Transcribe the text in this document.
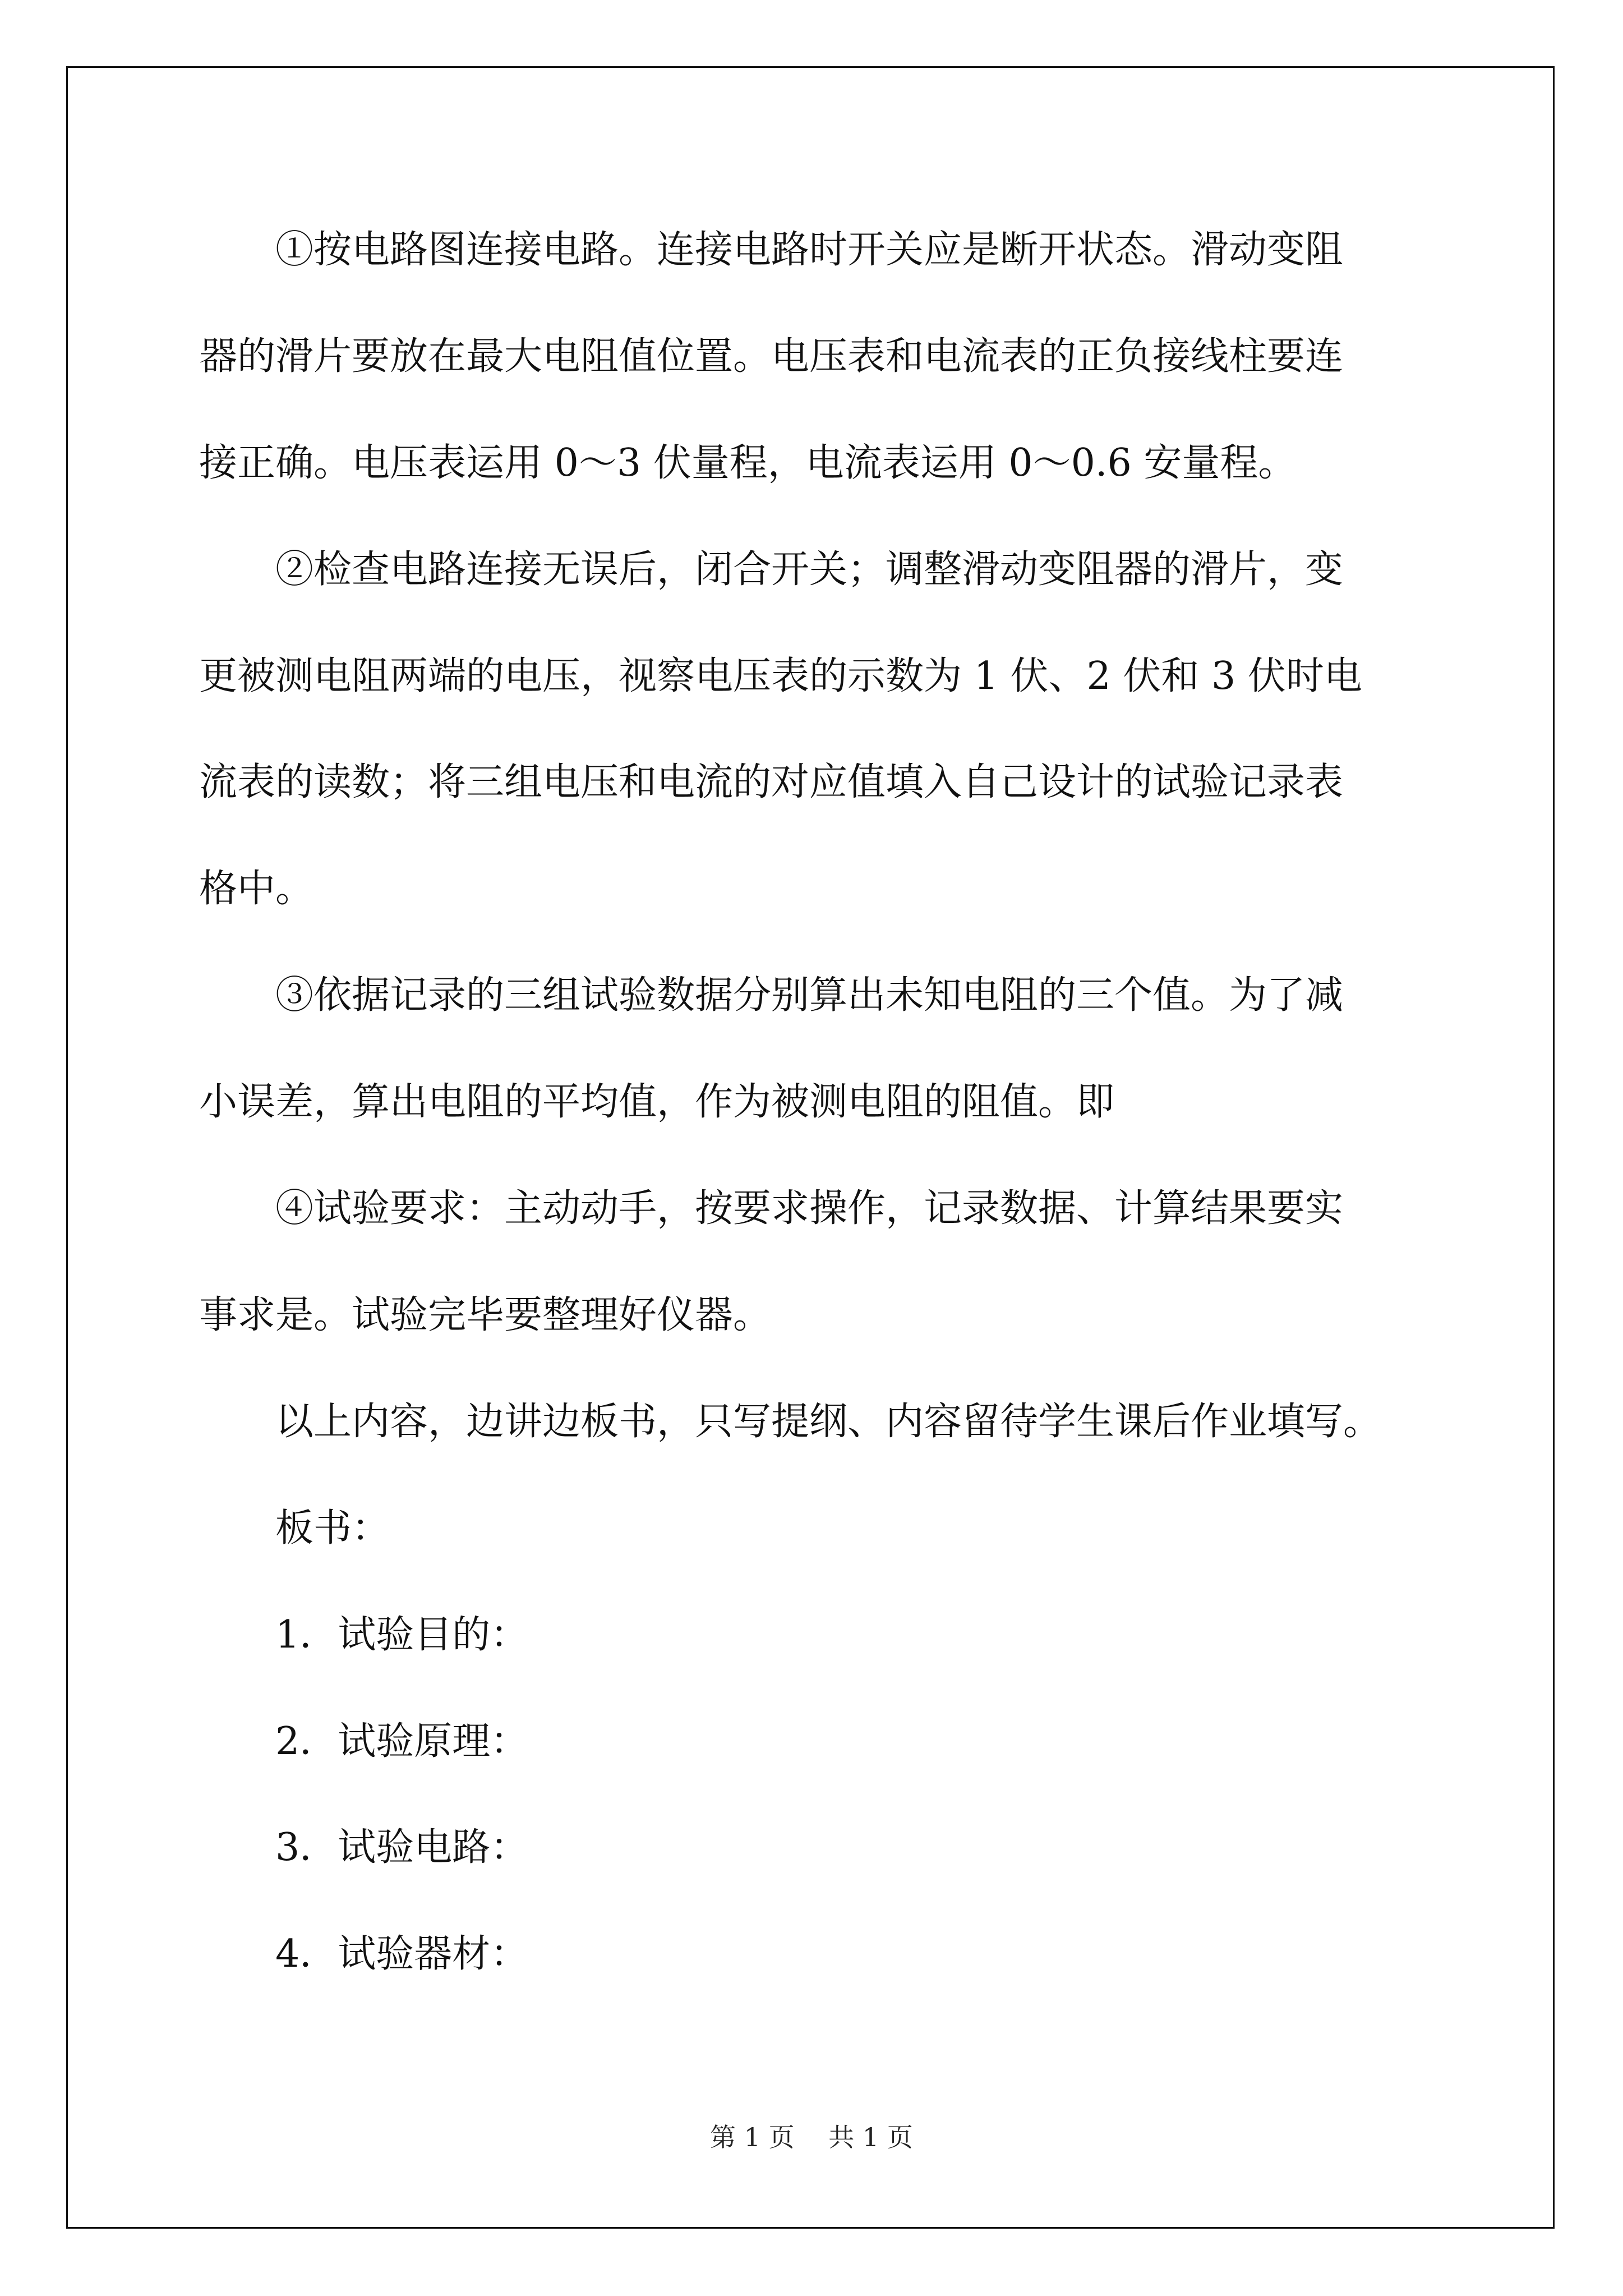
　　①按电路图连接电路。连接电路时开关应是断开状态。滑动变阻
器的滑片要放在最大电阻值位置。电压表和电流表的正负接线柱要连
接正确。电压表运用 0～3 伏量程，电流表运用 0～0.6 安量程。
　　②检查电路连接无误后，闭合开关；调整滑动变阻器的滑片，变
更被测电阻两端的电压，视察电压表的示数为 1 伏、2 伏和 3 伏时电
流表的读数；将三组电压和电流的对应值填入自己设计的试验记录表
格中。
　　③依据记录的三组试验数据分别算出未知电阻的三个值。为了减
小误差，算出电阻的平均值，作为被测电阻的阻值。即
　　④试验要求：主动动手，按要求操作，记录数据、计算结果要实
事求是。试验完毕要整理好仪器。
　　以上内容，边讲边板书，只写提纲、内容留待学生课后作业填写。
　　板书：
　　1．试验目的：
　　2．试验原理：
　　3．试验电路：
　　4．试验器材：
第 1 页　 共 1 页
